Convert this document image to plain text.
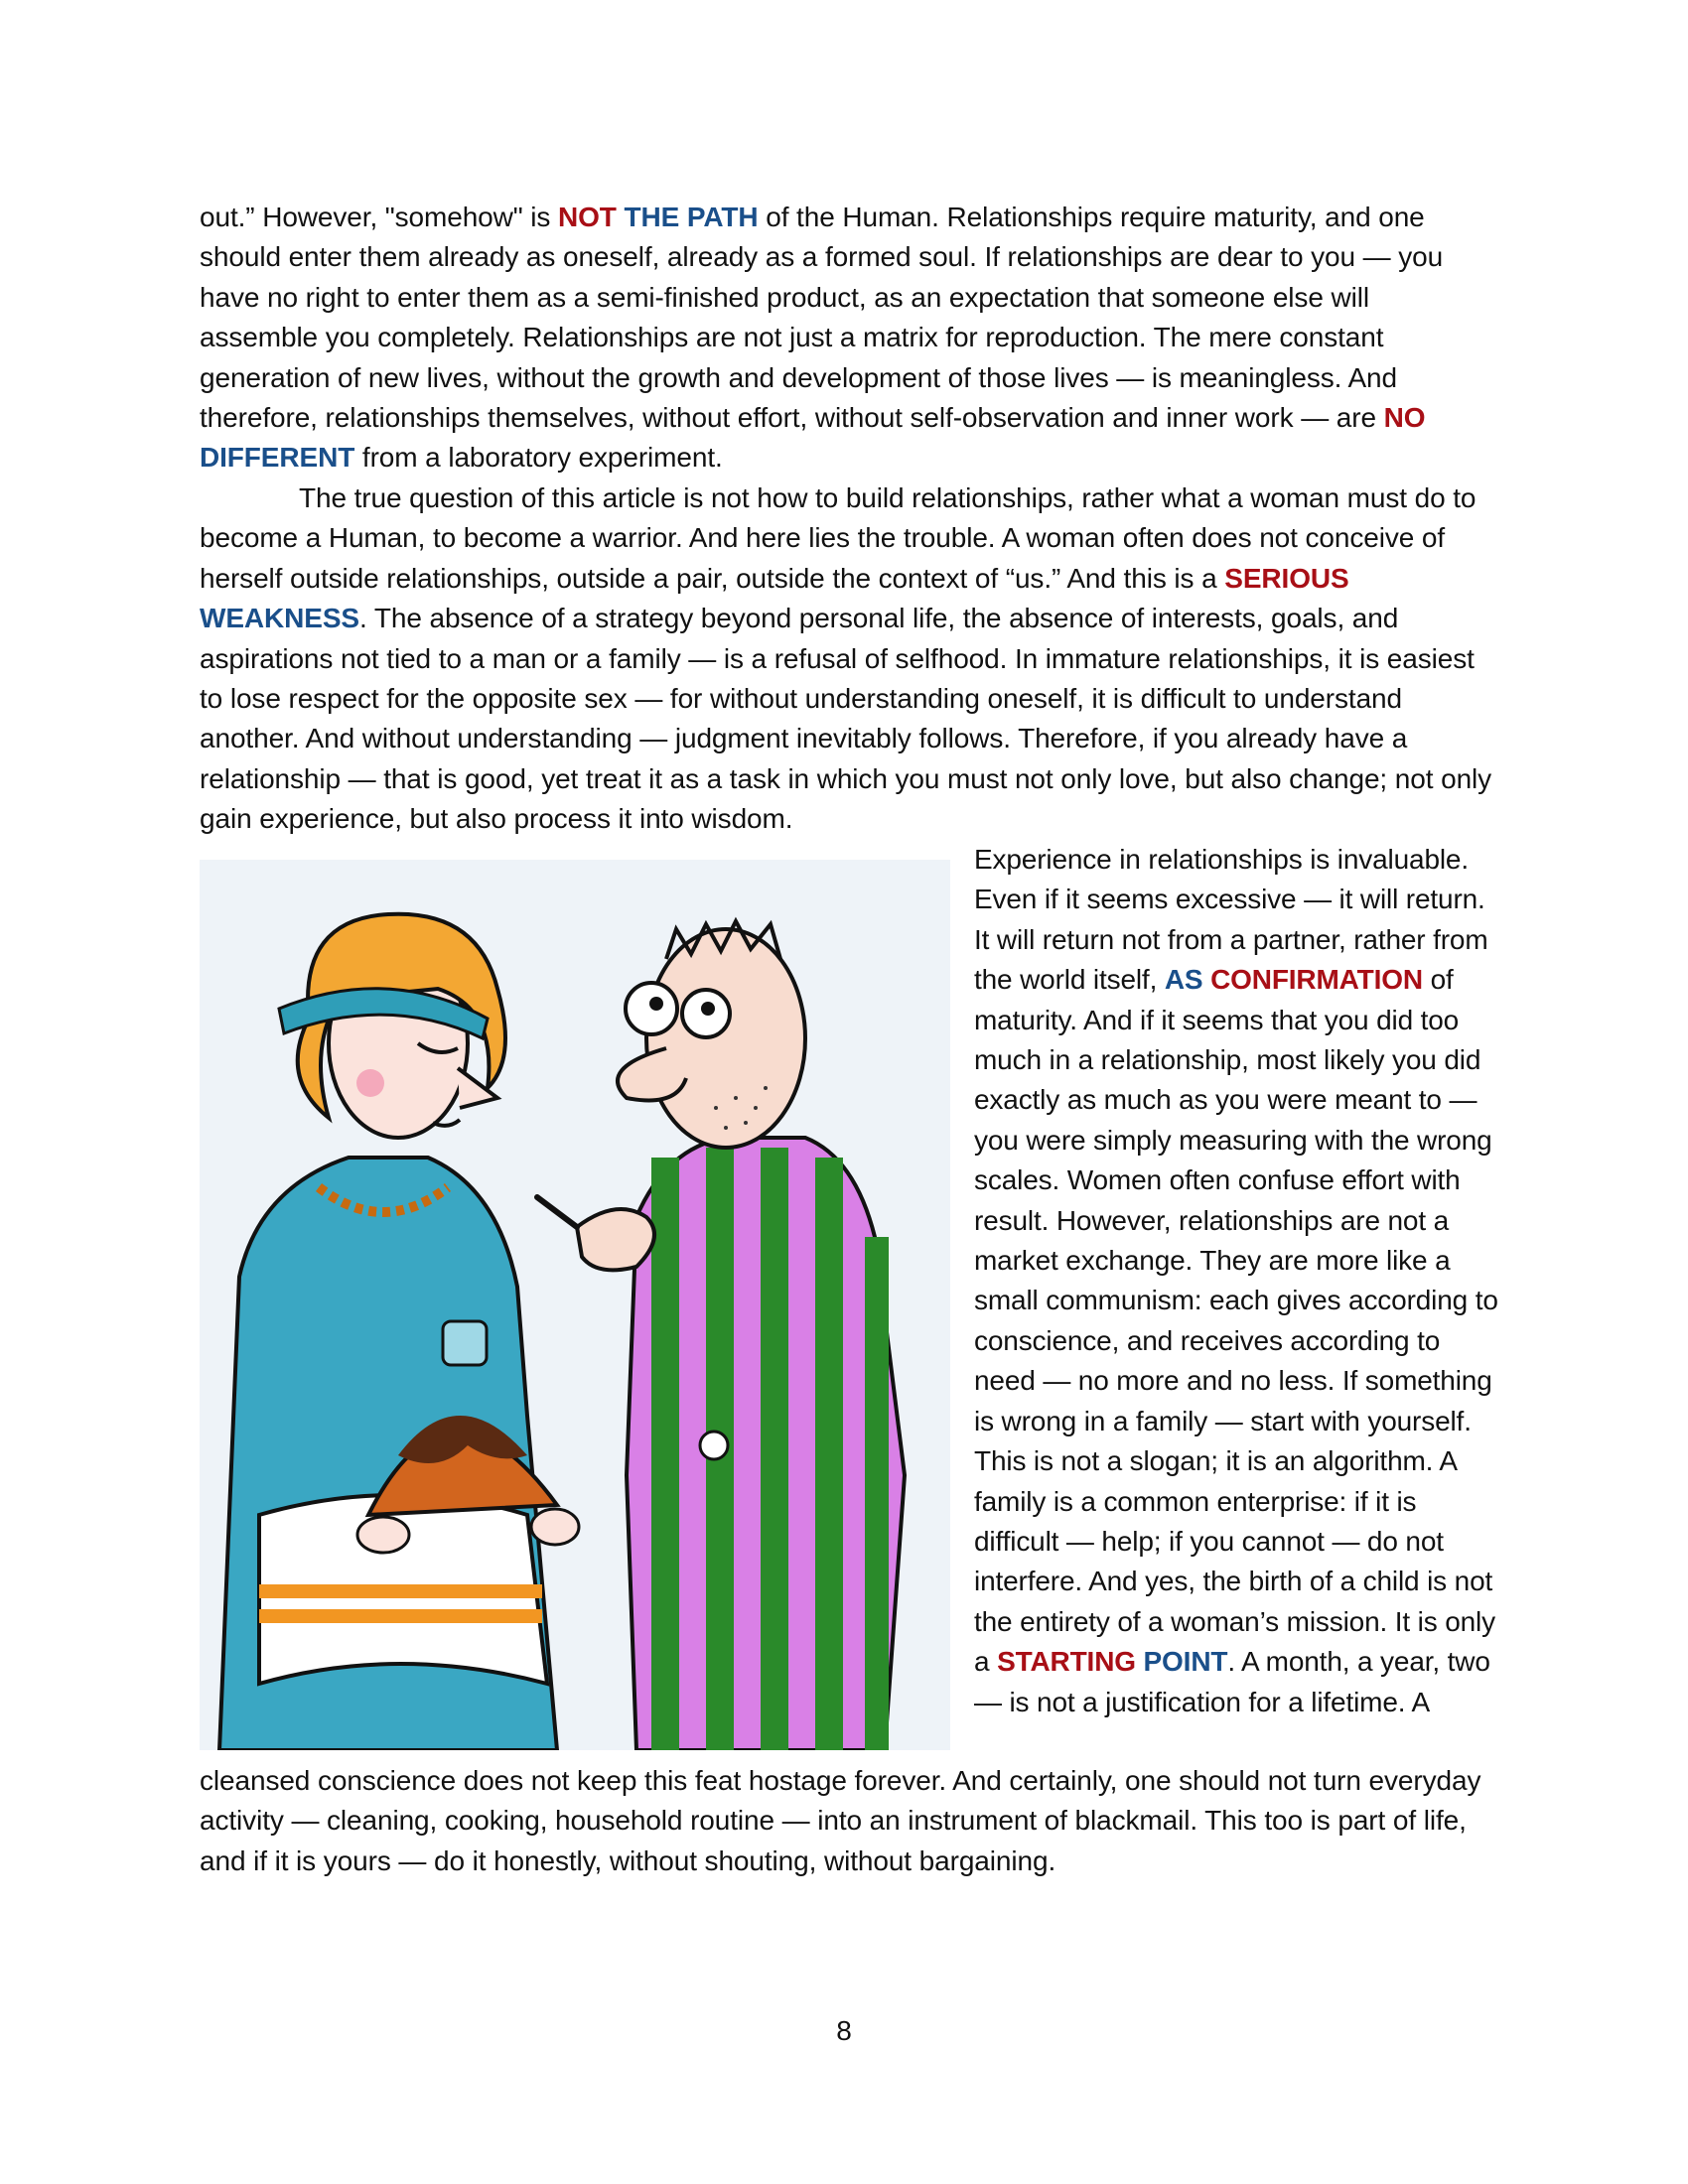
out.” However, "somehow" is NOT THE PATH of the Human. Relationships require maturity, and one should enter them already as oneself, already as a formed soul. If relationships are dear to you — you have no right to enter them as a semi-finished product, as an expectation that someone else will assemble you completely. Relationships are not just a matrix for reproduction. The mere constant generation of new lives, without the growth and development of those lives — is meaningless. And therefore, relationships themselves, without effort, without self-observation and inner work — are NO DIFFERENT from a laboratory experiment.

The true question of this article is not how to build relationships, rather what a woman must do to become a Human, to become a warrior. And here lies the trouble. A woman often does not conceive of herself outside relationships, outside a pair, outside the context of “us.” And this is a SERIOUS WEAKNESS. The absence of a strategy beyond personal life, the absence of interests, goals, and aspirations not tied to a man or a family — is a refusal of selfhood. In immature relationships, it is easiest to lose respect for the opposite sex — for without understanding oneself, it is difficult to understand another. And without understanding — judgment inevitably follows. Therefore, if you already have a relationship — that is good, yet treat it as a task in which you must not only love, but also change; not only gain experience, but also process it into wisdom.

Experience in relationships is invaluable. Even if it seems excessive — it will return. It will return not from a partner, rather from the world itself, AS CONFIRMATION of maturity. And if it seems that you did too much in a relationship, most likely you did exactly as much as you were meant to — you were simply measuring with the wrong scales. Women often confuse effort with result. However, relationships are not a market exchange. They are more like a small communism: each gives according to conscience, and receives according to need — no more and no less. If something is wrong in a family — start with yourself. This is not a slogan; it is an algorithm. A family is a common enterprise: if it is difficult — help; if you cannot — do not interfere. And yes, the birth of a child is not the entirety of a woman’s mission. It is only a STARTING POINT. A month, a year, two — is not a justification for a lifetime. A
cleansed conscience does not keep this feat hostage forever. And certainly, one should not turn everyday activity — cleaning, cooking, household routine — into an instrument of blackmail. This too is part of life, and if it is yours — do it honestly, without shouting, without bargaining.
8
